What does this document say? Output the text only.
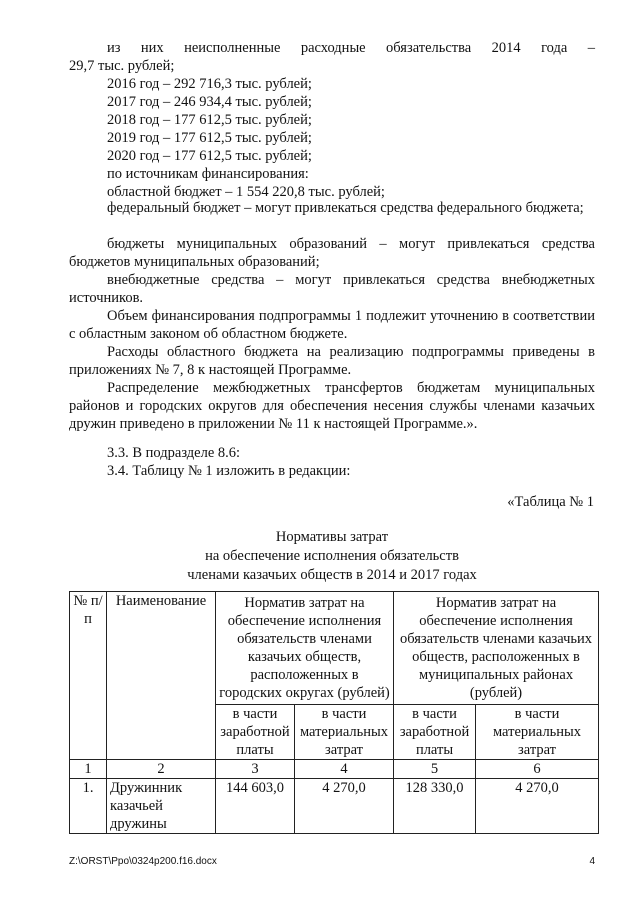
из них неисполненные расходные обязательства 2014 года –
29,7 тыс. рублей;
2016 год – 292 716,3 тыс. рублей;
2017 год – 246 934,4 тыс. рублей;
2018 год – 177 612,5 тыс. рублей;
2019 год – 177 612,5 тыс. рублей;
2020 год – 177 612,5 тыс. рублей;
по источникам финансирования:
областной бюджет – 1 554 220,8 тыс. рублей;

федеральный бюджет – могут привлекаться средства федерального бюджета;

бюджеты муниципальных образований – могут привлекаться средства бюджетов муниципальных образований;

внебюджетные средства – могут привлекаться средства внебюджетных источников.

Объем финансирования подпрограммы 1 подлежит уточнению в соответствии с областным законом об областном бюджете.

Расходы областного бюджета на реализацию подпрограммы приведены в приложениях № 7, 8 к настоящей Программе.

Распределение межбюджетных трансфертов бюджетам муниципальных районов и городских округов для обеспечения несения службы членами казачьих дружин приведено в приложении № 11 к настоящей Программе.».

3.3. В подразделе 8.6:
3.4. Таблицу № 1 изложить в редакции:
«Таблица № 1
Нормативы затрат
на обеспечение исполнения обязательств
членами казачьих обществ в 2014 и 2017 годах
№ п/п	Наименование	Норматив затрат на обеспечение исполнения обязательств членами казачьих обществ, расположенных в городских округах (рублей)		Норматив затрат на обеспечение исполнения обязательств членами казачьих обществ, расположенных в муниципальных районах (рублей)	
		в части заработной платы	в части материальных затрат	в части заработной платы	в части материальных затрат
1	2	3	4	5	6
1.	Дружинник казачьей дружины	144 603,0	4 270,0	128 330,0	4 270,0
Z:\ORST\Ppo\0324p200.f16.docx	4
